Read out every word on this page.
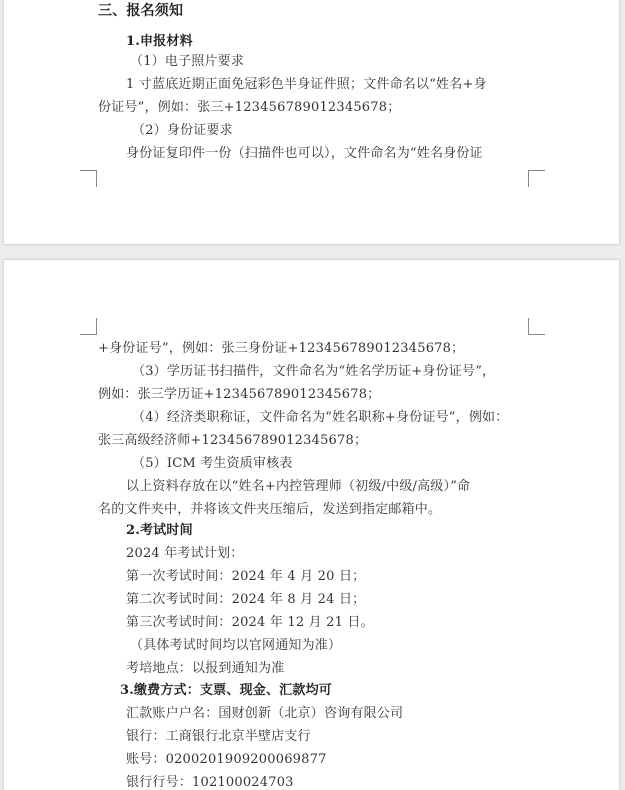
三、报名须知
1.申报材料
（1）电子照片要求
1 寸蓝底近期正面免冠彩色半身证件照；文件命名以“姓名+身
份证号”，例如：张三+123456789012345678；
（2）身份证要求
身份证复印件一份（扫描件也可以），文件命名为“姓名身份证
+身份证号”，例如：张三身份证+123456789012345678；
（3）学历证书扫描件，文件命名为“姓名学历证+身份证号”，
例如：张三学历证+123456789012345678；
（4）经济类职称证，文件命名为“姓名职称+身份证号”，例如：
张三高级经济师+123456789012345678；
（5）ICM 考生资质审核表
以上资料存放在以“姓名+内控管理师（初级/中级/高级）”命
名的文件夹中，并将该文件夹压缩后，发送到指定邮箱中。
2.考试时间
2024 年考试计划：
第一次考试时间：2024 年 4 月 20 日；
第二次考试时间：2024 年 8 月 24 日；
第三次考试时间：2024 年 12 月 21 日。
（具体考试时间均以官网通知为准）
考培地点：以报到通知为准
3.缴费方式：支票、现金、汇款均可
汇款账户户名：国财创新（北京）咨询有限公司
银行：工商银行北京半壁店支行
账号：0200201909200069877
银行行号：102100024703
